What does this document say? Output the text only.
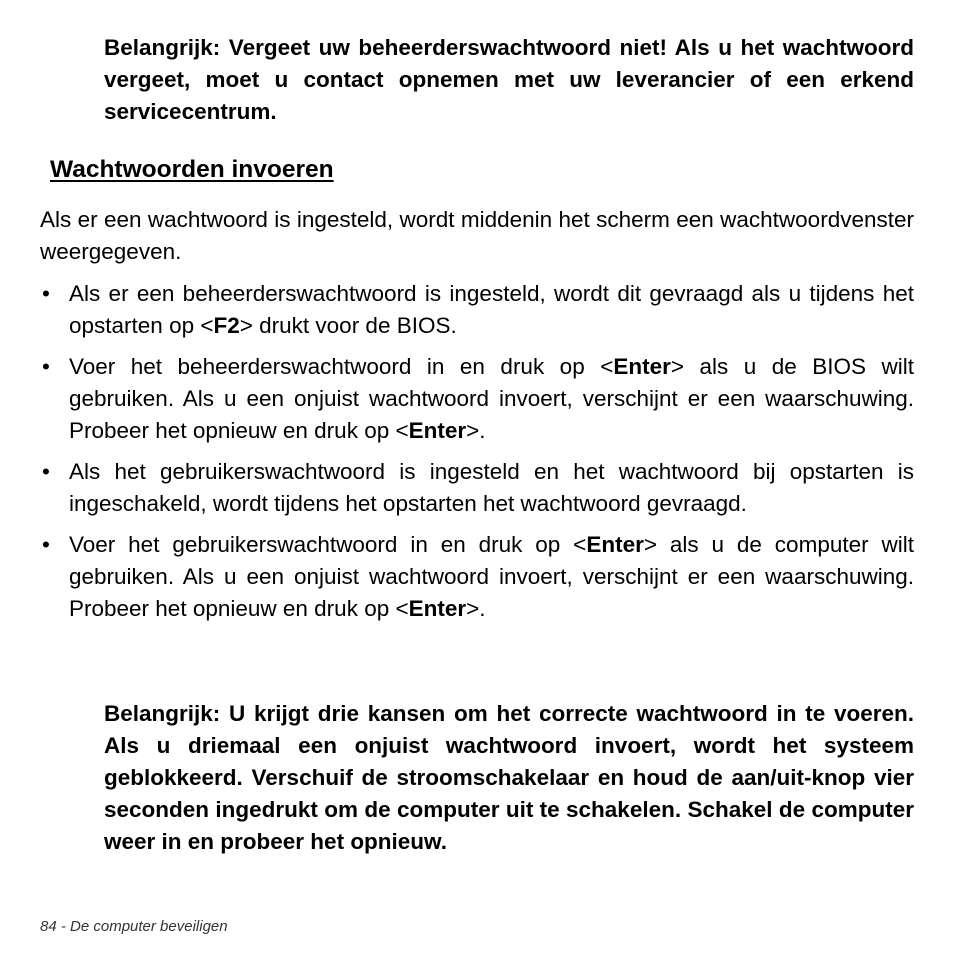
Belangrijk: Vergeet uw beheerderswachtwoord niet! Als u het wachtwoord vergeet, moet u contact opnemen met uw leverancier of een erkend servicecentrum.

Wachtwoorden invoeren

Als er een wachtwoord is ingesteld, wordt middenin het scherm een wachtwoordvenster weergegeven.

• Als er een beheerderswachtwoord is ingesteld, wordt dit gevraagd als u tijdens het opstarten op <F2> drukt voor de BIOS.
• Voer het beheerderswachtwoord in en druk op <Enter> als u de BIOS wilt gebruiken. Als u een onjuist wachtwoord invoert, verschijnt er een waarschuwing. Probeer het opnieuw en druk op <Enter>.
• Als het gebruikerswachtwoord is ingesteld en het wachtwoord bij opstarten is ingeschakeld, wordt tijdens het opstarten het wachtwoord gevraagd.
• Voer het gebruikerswachtwoord in en druk op <Enter> als u de computer wilt gebruiken. Als u een onjuist wachtwoord invoert, verschijnt er een waarschuwing. Probeer het opnieuw en druk op <Enter>.

Belangrijk: U krijgt drie kansen om het correcte wachtwoord in te voeren. Als u driemaal een onjuist wachtwoord invoert, wordt het systeem geblokkeerd. Verschuif de stroomschakelaar en houd de aan/uit-knop vier seconden ingedrukt om de computer uit te schakelen. Schakel de computer weer in en probeer het opnieuw.

84 - De computer beveiligen
